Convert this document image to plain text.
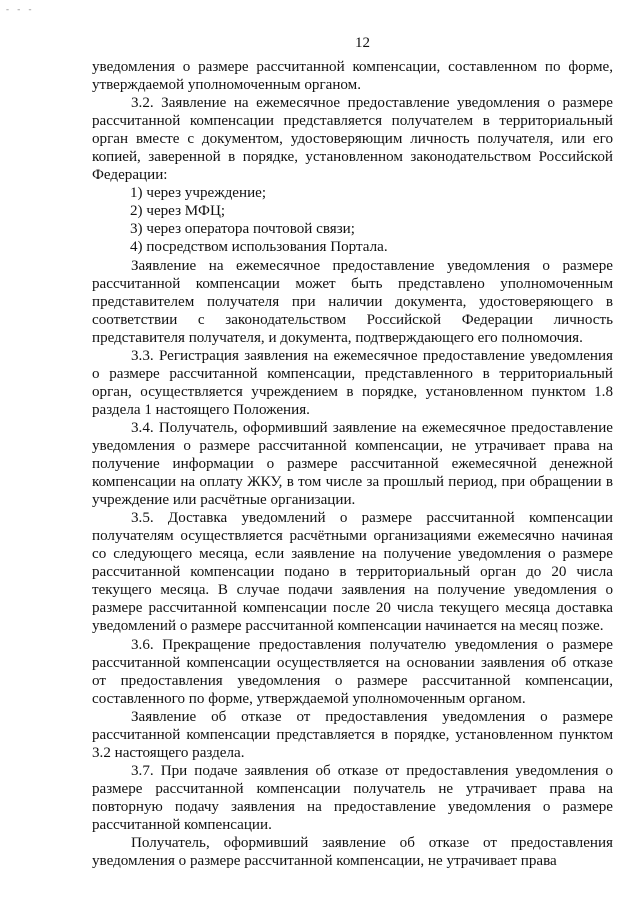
- - -
12

уведомления о размере рассчитанной компенсации, составленном по форме, утверждаемой уполномоченным органом.

3.2. Заявление на ежемесячное предоставление уведомления о размере рассчитанной компенсации представляется получателем в территориальный орган вместе с документом, удостоверяющим личность получателя, или его копией, заверенной в порядке, установленном законодательством Российской Федерации:

1) через учреждение;
2) через МФЦ;
3) через оператора почтовой связи;
4) посредством использования Портала.

Заявление на ежемесячное предоставление уведомления о размере рассчитанной компенсации может быть представлено уполномоченным представителем получателя при наличии документа, удостоверяющего в соответствии с законодательством Российской Федерации личность представителя получателя, и документа, подтверждающего его полномочия.

3.3. Регистрация заявления на ежемесячное предоставление уведомления о размере рассчитанной компенсации, представленного в территориальный орган, осуществляется учреждением в порядке, установленном пунктом 1.8 раздела 1 настоящего Положения.

3.4. Получатель, оформивший заявление на ежемесячное предоставление уведомления о размере рассчитанной компенсации, не утрачивает права на получение информации о размере рассчитанной ежемесячной денежной компенсации на оплату ЖКУ, в том числе за прошлый период, при обращении в учреждение или расчётные организации.

3.5. Доставка уведомлений о размере рассчитанной компенсации получателям осуществляется расчётными организациями ежемесячно начиная со следующего месяца, если заявление на получение уведомления о размере рассчитанной компенсации подано в территориальный орган до 20 числа текущего месяца. В случае подачи заявления на получение уведомления о размере рассчитанной компенсации после 20 числа текущего месяца доставка уведомлений о размере рассчитанной компенсации начинается на месяц позже.

3.6. Прекращение предоставления получателю уведомления о размере рассчитанной компенсации осуществляется на основании заявления об отказе от предоставления уведомления о размере рассчитанной компенсации, составленного по форме, утверждаемой уполномоченным органом.

Заявление об отказе от предоставления уведомления о размере рассчитанной компенсации представляется в порядке, установленном пунктом 3.2 настоящего раздела.

3.7. При подаче заявления об отказе от предоставления уведомления о размере рассчитанной компенсации получатель не утрачивает права на повторную подачу заявления на предоставление уведомления о размере рассчитанной компенсации.

Получатель, оформивший заявление об отказе от предоставления уведомления о размере рассчитанной компенсации, не утрачивает права
